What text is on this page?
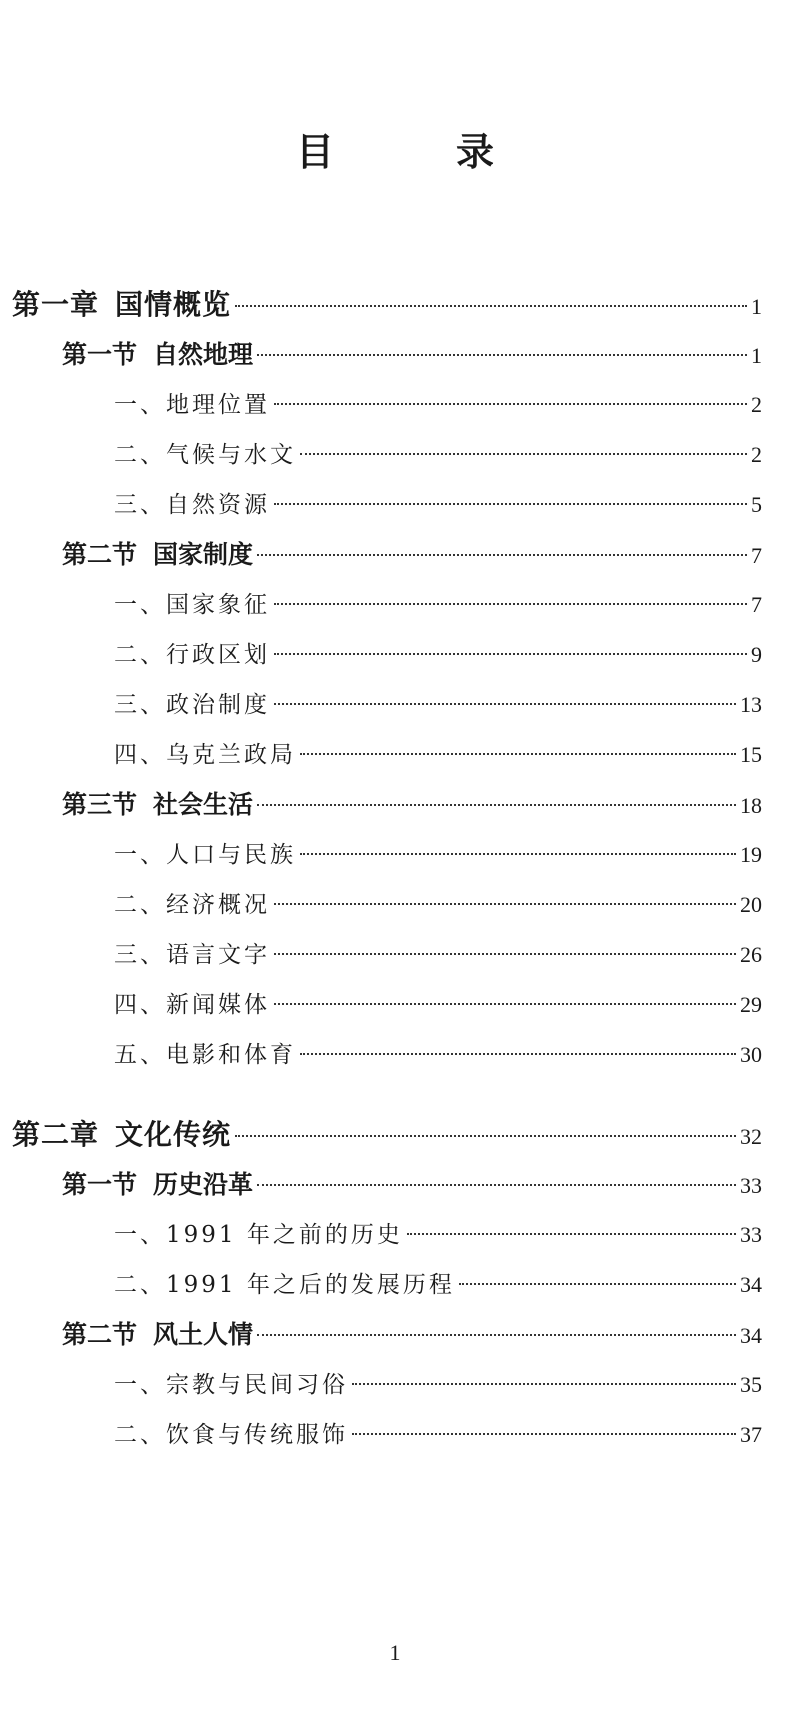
目　录
第一章 国情概览	1
第一节 自然地理	1
一、地理位置	2
二、气候与水文	2
三、自然资源	5
第二节 国家制度	7
一、国家象征	7
二、行政区划	9
三、政治制度	13
四、乌克兰政局	15
第三节 社会生活	18
一、人口与民族	19
二、经济概况	20
三、语言文字	26
四、新闻媒体	29
五、电影和体育	30
第二章 文化传统	32
第一节 历史沿革	33
一、1991 年之前的历史	33
二、1991 年之后的发展历程	34
第二节 风土人情	34
一、宗教与民间习俗	35
二、饮食与传统服饰	37
1
